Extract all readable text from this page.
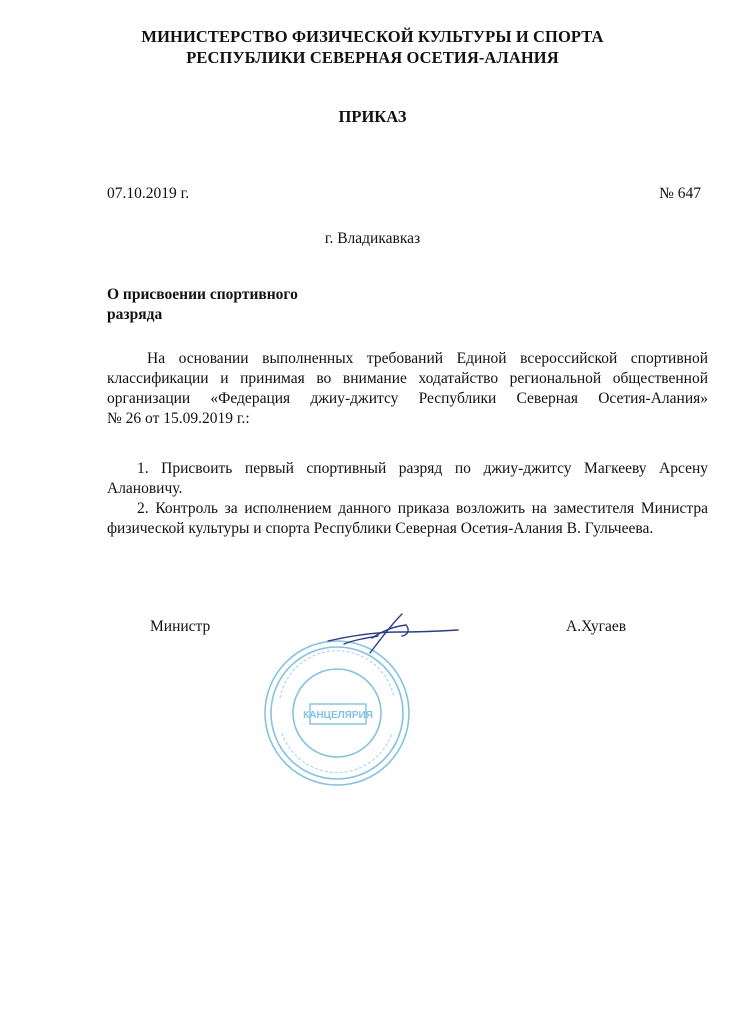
МИНИСТЕРСТВО ФИЗИЧЕСКОЙ КУЛЬТУРЫ И СПОРТА
РЕСПУБЛИКИ СЕВЕРНАЯ ОСЕТИЯ-АЛАНИЯ
ПРИКАЗ
07.10.2019 г.	№ 647
г. Владикавказ
О присвоении спортивного
разряда
На основании выполненных требований Единой всероссийской спортивной
классификации и принимая во внимание ходатайство региональной общественной
организации «Федерация джиу-джитсу Республики Северная Осетия-Алания»
№ 26 от 15.09.2019 г.:

1. Присвоить первый спортивный разряд по джиу-джитсу Магкееву Арсену Алановичу.

2. Контроль за исполнением данного приказа возложить на заместителя Министра физической культуры и спорта Республики Северная Осетия-Алания В. Гульчеева.

Министр	А.Хугаев
КАНЦЕЛЯРИЯ
